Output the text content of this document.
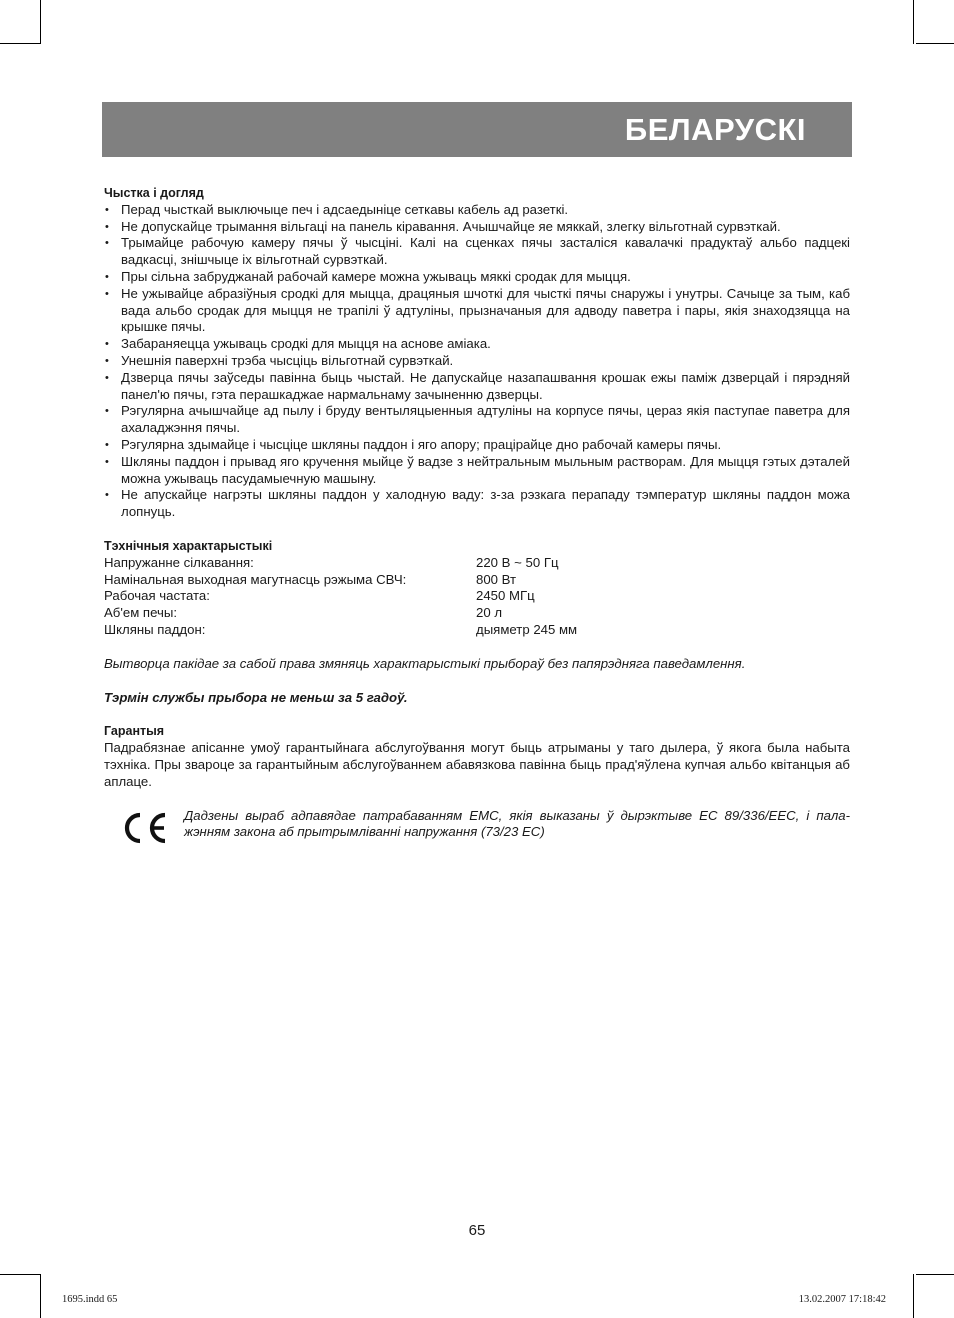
БЕЛАРУСКІ
Чыстка і догляд
• Перад чысткай выключыце печ і адсаедыніце сеткавы кабель ад разеткі.
• Не допускайце трымання вільгаці на панель кіравання. Ачышчайце яе мяккай, злегку вільготнай сурвэткай.
• Трымайце рабочую камеру пячы ў чысціні. Калі на сценках пячы засталіся кавалачкі прадуктаў альбо падцекі вадкасці, знішчыце іх вільготнай сурвэткай.
• Пры сільна забруджанай рабочай камере можна ужываць мяккі сродак для мыцця.
• Не ужывайце абразіўныя сродкі для мыцца, драцяныя шчоткі для чысткі пячы снаружы і унутры. Сачыце за тым, каб вада альбо сродак для мыцця не трапілі ў адтуліны, прызначаныя для адводу паветра і пары, якія знаходзяцца на крышке пячы.
• Забараняецца ужываць сродкі для мыцця на аснове аміака.
• Унешнія паверхні трэба чысціць вільготнай сурвэткай.
• Дзверца пячы заўседы павінна быць чыстай. Не дапускайце назапашвання крошак ежы паміж дзверцай і пярэдняй панел'ю пячы, гэта перашкаджае нармальнаму зачыненню дзверцы.
• Рэгулярна ачышчайце ад пылу і бруду вентыляцыенныя адтуліны на корпусе пячы, цераз якія паступае паветра для ахаладжэння пячы.
• Рэгулярна здымайце і чысціце шкляны паддон і яго апору; працірайце дно рабочай камеры пячы.
• Шкляны паддон і прывад яго кручення мыйце ў вадзе з нейтральным мыльным растворам. Для мыцця гэтых дэталей можна ужываць пасудамыечную машыну.
• Не апускайце нагрэты шкляны паддон у халодную ваду: з-за рэзкага перападу тэмператур шкляны паддон можа лопнуць.
Тэхнічныя характарыстыкі
Напружанне сілкавання:	220 В ~ 50 Гц
Намінальная выходная магутнасць рэжыма СВЧ:	800 Вт
Рабочая частата:	2450 МГц
Аб'ем печы:	20 л
Шкляны паддон:	дыяметр 245 мм
Вытворца пакідае за сабой права змяняць характарыстыкі прыбораў без папярэдняга паведамлення.
Тэрмін службы прыбора не меньш за 5 гадоў.
Гарантыя

Падрабязнае апісанне умоў гарантыйнага абслугоўвання могут быць атрыманы у таго дылера, ў якога была набыта тэхніка. Пры звароце за гарантыйным абслугоўваннем абавязкова павінна быць прад'яўлена купчая альбо квітанцыя аб аплаце.

Дадзены выраб адпавядае патрабаванням ЕМС, якія выказаны ў дырэктыве ЕС 89/336/ЕЕС, і пала-жэнням закона аб прытрымліванні напружання (73/23 ЕС)
65
1695.indd 65	13.02.2007 17:18:42
